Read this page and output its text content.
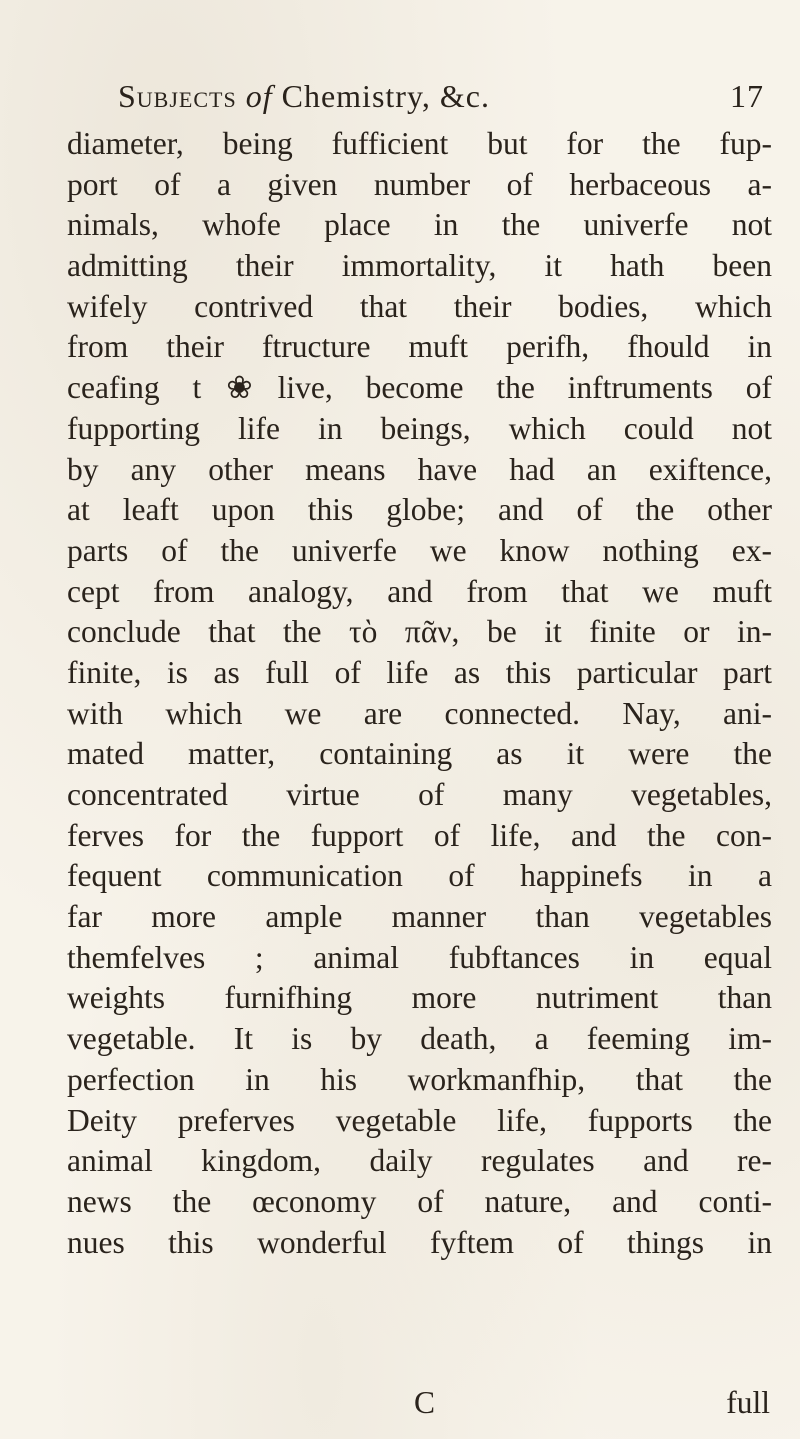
Subjects of Chemistry, &c.	17
diameter, being fufficient but for the fup-
port of a given number of herbaceous a-
nimals, whofe place in the univerfe not
admitting their immortality, it hath been
wifely contrived that their bodies, which
from their ftructure muft perifh, fhould in
ceafing t❀live, become the inftruments of
fupporting life in beings, which could not
by any other means have had an exiftence,
at leaft upon this globe; and of the other
parts of the univerfe we know nothing ex-
cept from analogy, and from that we muft
conclude that the τὸ πᾶν, be it finite or in-
finite, is as full of life as this particular part
with which we are connected. Nay, ani-
mated matter, containing as it were the
concentrated virtue of many vegetables,
ferves for the fupport of life, and the con-
fequent communication of happinefs in a
far more ample manner than vegetables
themfelves ; animal fubftances in equal
weights furnifhing more nutriment than
vegetable. It is by death, a feeming im-
perfection in his workmanfhip, that the
Deity preferves vegetable life, fupports the
animal kingdom, daily regulates and re-
news the œconomy of nature, and conti-
nues this wonderful fyftem of things in
C	full
